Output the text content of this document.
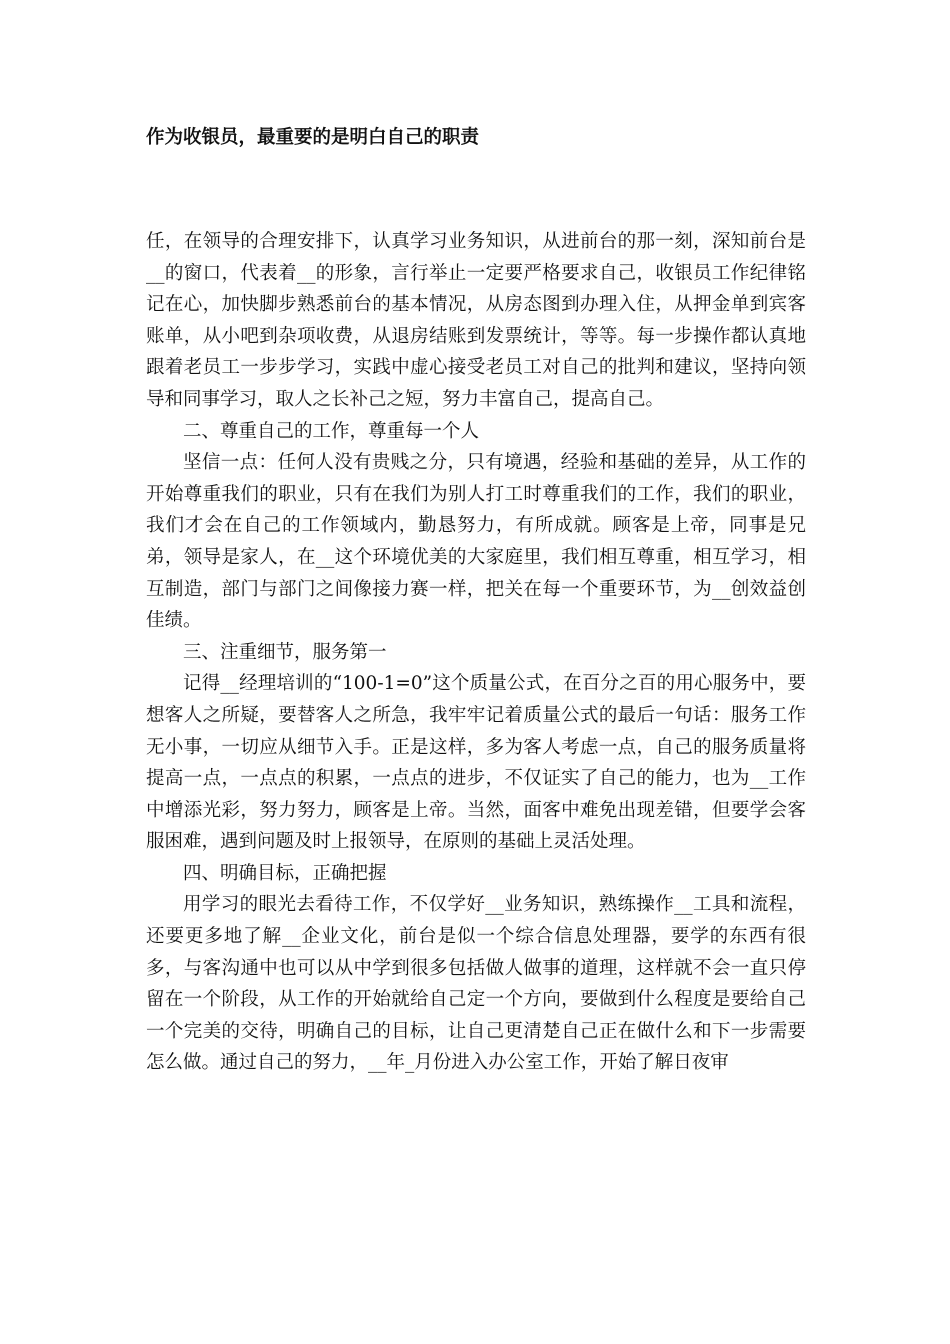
作为收银员，最重要的是明白自己的职责

任，在领导的合理安排下，认真学习业务知识，从进前台的那一刻，深知前台是__的窗口，代表着__的形象，言行举止一定要严格要求自己，收银员工作纪律铭记在心，加快脚步熟悉前台的基本情况，从房态图到办理入住，从押金单到宾客账单，从小吧到杂项收费，从退房结账到发票统计，等等。每一步操作都认真地跟着老员工一步步学习，实践中虚心接受老员工对自己的批判和建议，坚持向领导和同事学习，取人之长补己之短，努力丰富自己，提高自己。

二、尊重自己的工作，尊重每一个人

坚信一点：任何人没有贵贱之分，只有境遇，经验和基础的差异，从工作的开始尊重我们的职业，只有在我们为别人打工时尊重我们的工作，我们的职业，我们才会在自己的工作领域内，勤恳努力，有所成就。顾客是上帝，同事是兄弟，领导是家人，在__这个环境优美的大家庭里，我们相互尊重，相互学习，相互制造，部门与部门之间像接力赛一样，把关在每一个重要环节，为__创效益创佳绩。

三、注重细节，服务第一

记得__经理培训的“100-1=0”这个质量公式，在百分之百的用心服务中，要想客人之所疑，要替客人之所急，我牢牢记着质量公式的最后一句话：服务工作无小事，一切应从细节入手。正是这样，多为客人考虑一点，自己的服务质量将提高一点，一点点的积累，一点点的进步，不仅证实了自己的能力，也为__工作中增添光彩，努力努力，顾客是上帝。当然，面客中难免出现差错，但要学会客服困难，遇到问题及时上报领导，在原则的基础上灵活处理。

四、明确目标，正确把握

用学习的眼光去看待工作，不仅学好__业务知识，熟练操作__工具和流程，还要更多地了解__企业文化，前台是似一个综合信息处理器，要学的东西有很多，与客沟通中也可以从中学到很多包括做人做事的道理，这样就不会一直只停留在一个阶段，从工作的开始就给自己定一个方向，要做到什么程度是要给自己一个完美的交待，明确自己的目标，让自己更清楚自己正在做什么和下一步需要怎么做。通过自己的努力，__年_月份进入办公室工作，开始了解日夜审
